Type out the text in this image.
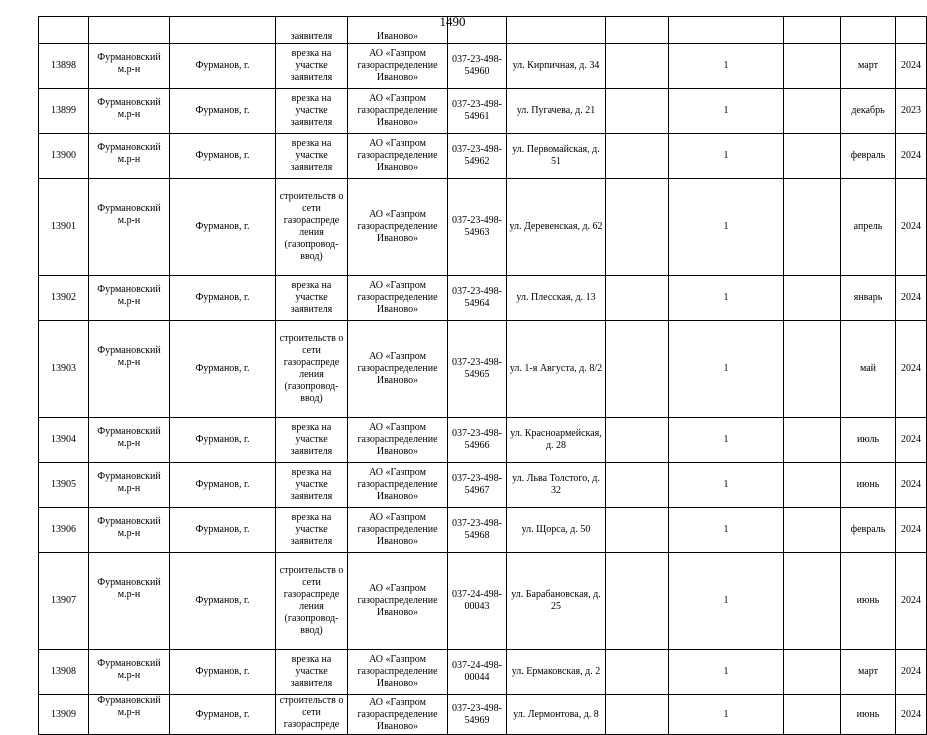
1490
			заявителя	Иваново»							
13898	Фурмановский м.р-н	Фурманов, г.	врезка на участке заявителя	АО «Газпром газораспределение Иваново»	037-23-498-54960	ул. Кирпичная, д. 34		1		март	2024
13899	Фурмановский м.р-н	Фурманов, г.	врезка на участке заявителя	АО «Газпром газораспределение Иваново»	037-23-498-54961	ул. Пугачева, д. 21		1		декабрь	2023
13900	Фурмановский м.р-н	Фурманов, г.	врезка на участке заявителя	АО «Газпром газораспределение Иваново»	037-23-498-54962	ул. Первомайская, д. 51		1		февраль	2024
13901	Фурмановский м.р-н	Фурманов, г.	строительств о сети газораспреде ления (газопровод-ввод)	АО «Газпром газораспределение Иваново»	037-23-498-54963	ул. Деревенская, д. 62		1		апрель	2024
13902	Фурмановский м.р-н	Фурманов, г.	врезка на участке заявителя	АО «Газпром газораспределение Иваново»	037-23-498-54964	ул. Плесская, д. 13		1		январь	2024
13903	Фурмановский м.р-н	Фурманов, г.	строительств о сети газораспреде ления (газопровод-ввод)	АО «Газпром газораспределение Иваново»	037-23-498-54965	ул. 1-я Августа, д. 8/2		1		май	2024
13904	Фурмановский м.р-н	Фурманов, г.	врезка на участке заявителя	АО «Газпром газораспределение Иваново»	037-23-498-54966	ул. Красноармейская, д. 28		1		июль	2024
13905	Фурмановский м.р-н	Фурманов, г.	врезка на участке заявителя	АО «Газпром газораспределение Иваново»	037-23-498-54967	ул. Льва Толстого, д. 32		1		июнь	2024
13906	Фурмановский м.р-н	Фурманов, г.	врезка на участке заявителя	АО «Газпром газораспределение Иваново»	037-23-498-54968	ул. Щорса, д. 50		1		февраль	2024
13907	Фурмановский м.р-н	Фурманов, г.	строительств о сети газораспреде ления (газопровод-ввод)	АО «Газпром газораспределение Иваново»	037-24-498-00043	ул. Барабановская, д. 25		1		июнь	2024
13908	Фурмановский м.р-н	Фурманов, г.	врезка на участке заявителя	АО «Газпром газораспределение Иваново»	037-24-498-00044	ул. Ермаковская, д. 2		1		март	2024
13909	Фурмановский м.р-н	Фурманов, г.	строительств о сети газораспреде	АО «Газпром газораспределение Иваново»	037-23-498-54969	ул. Лермонтова, д. 8		1		июнь	2024
